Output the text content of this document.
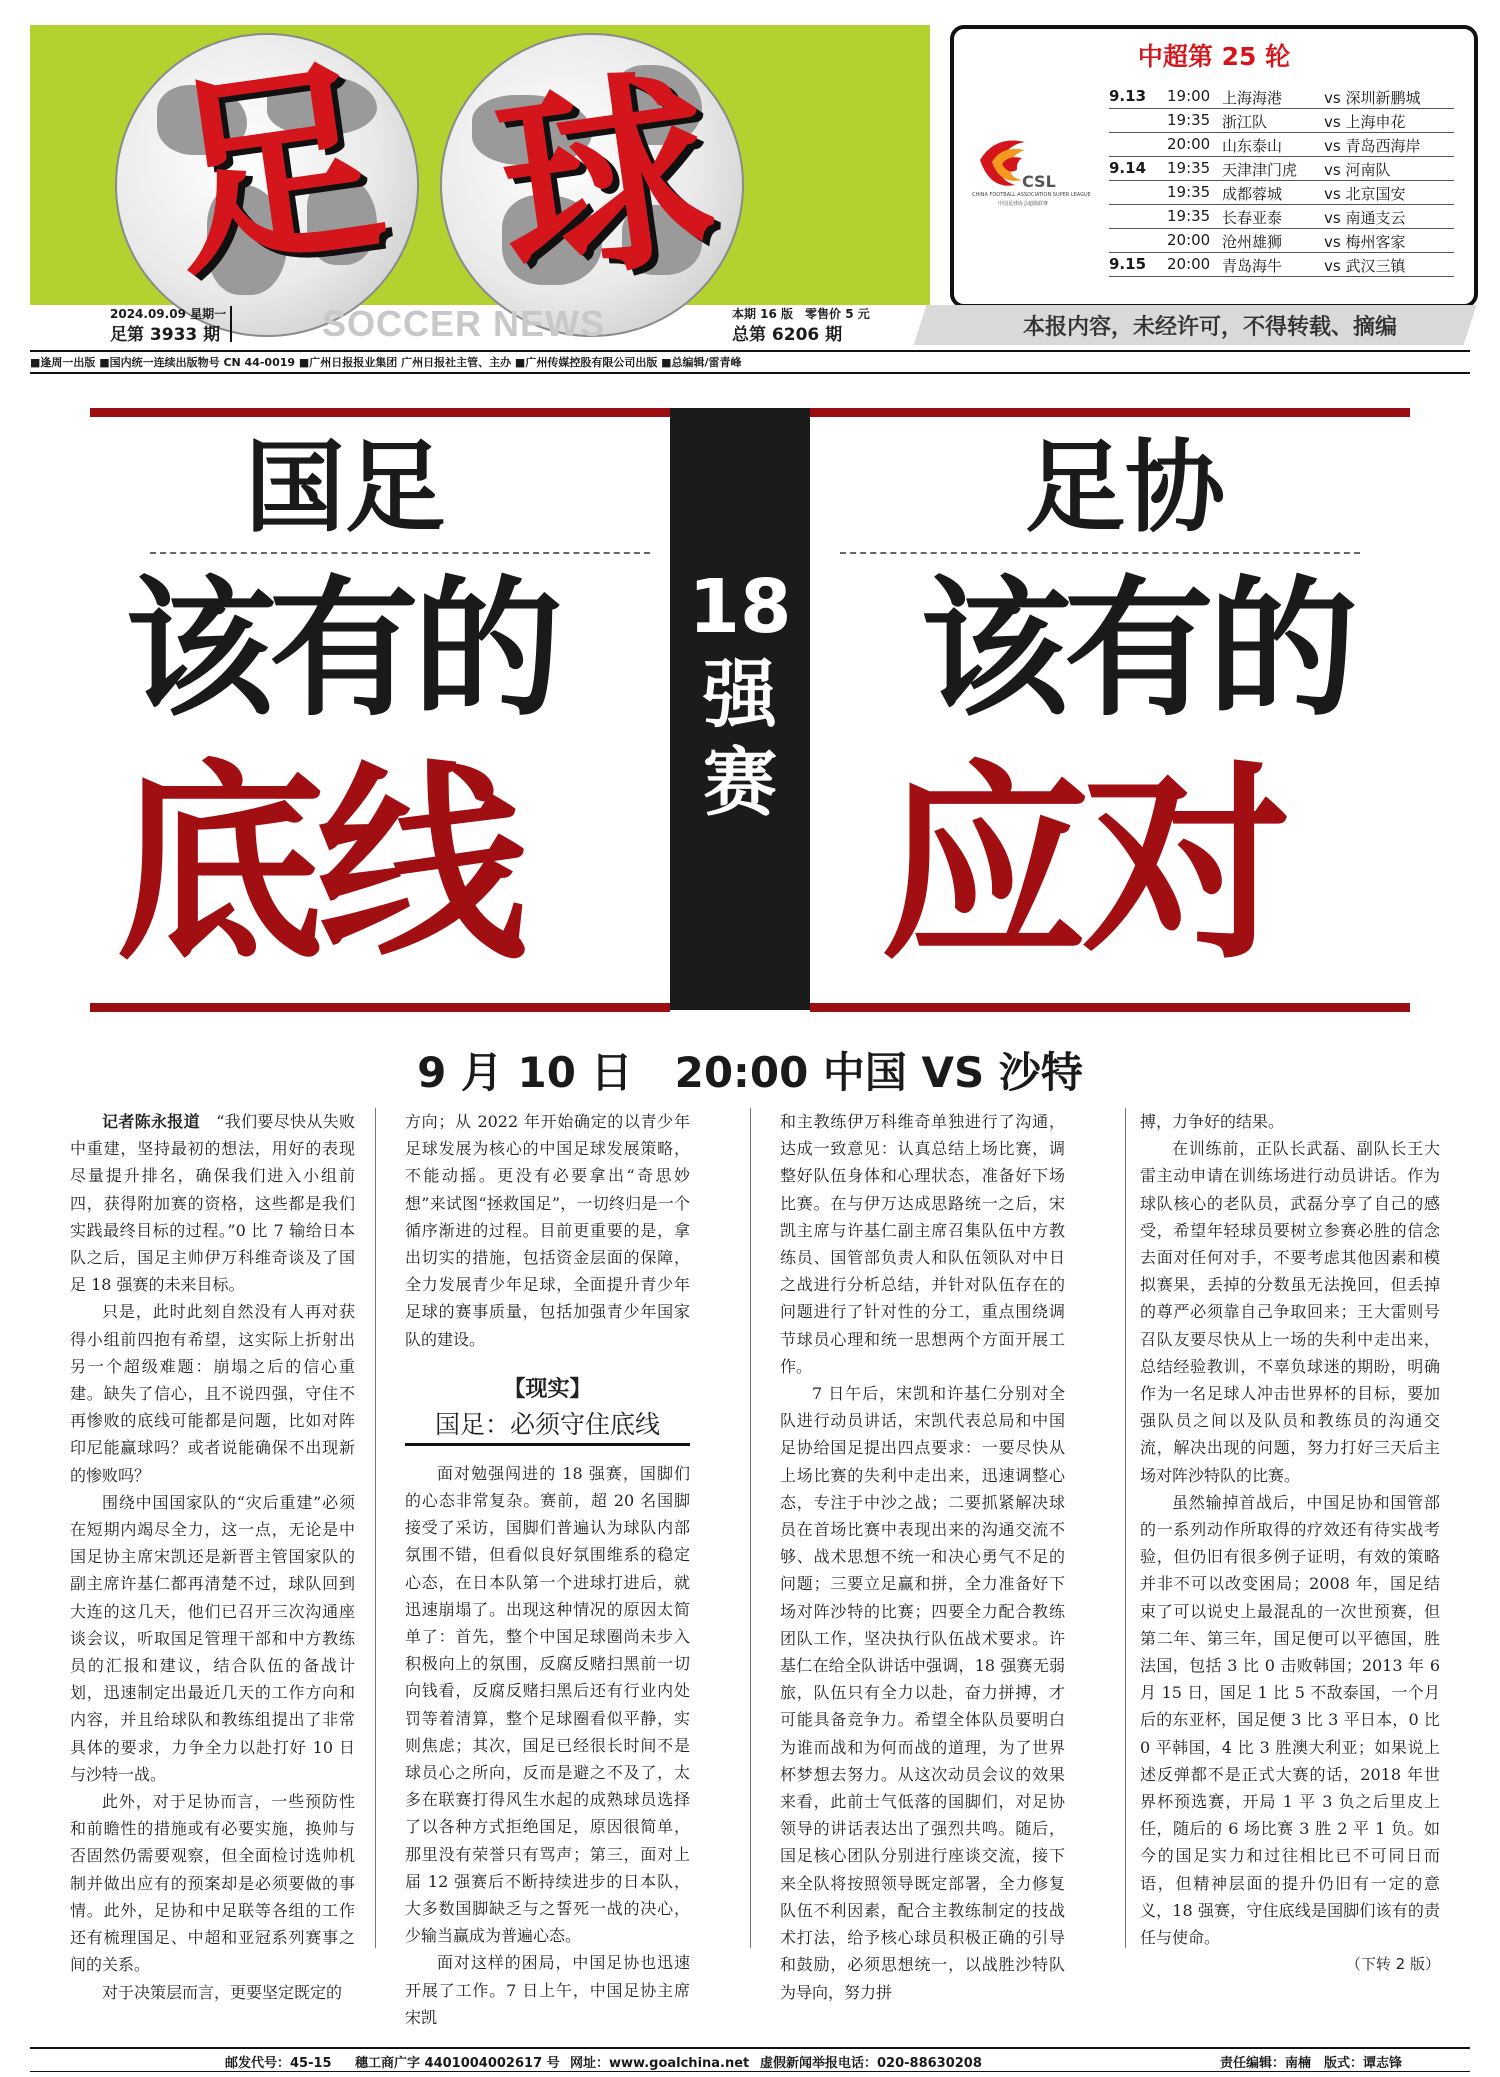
足 球	中超第 25 轮
9.13 19:00 上海海港	vs 深圳新鹏城
19:35 浙江队	vs 上海申花
20:00 山东泰山	vs 青岛西海岸
9.14 19:35 天津津门虎 vs 河南队
19:35 成都蓉城	vs 北京国安
19:35 长春亚泰	vs 南通支云
20:00 沧州雄狮	vs 梅州客家
9.15 20:00 青岛海牛	vs 武汉三镇
CSL
CHINA FOOTBALL ASSOCIATION SUPER LEAGUE
中国足球协会超级联赛
2024.09.09 星期一
足第 3933 期	SOCCER NEWS	本期 16 版　零售价 5 元
总第 6206 期	本报内容，未经许可，不得转载、摘编
■逢周一出版 ■国内统一连续出版物号 CN 44-0019 ■广州日报报业集团 广州日报社主管、主办 ■广州传媒控股有限公司出版 ■总编辑/雷青峰
18
强
赛
国足
该有的
底线
足协
该有的
应对
9 月 10 日　20:00 中国 VS 沙特

记者陈永报道　 “我们要尽快从失败中重建，坚持最初的想法，用好的表现尽量提升排名，确保我们进入小组前四，获得附加赛的资格，这些都是我们实践最终目标的过程。”0 比 7 输给日本队之后，国足主帅伊万科维奇谈及了国足 18 强赛的未来目标。

只是，此时此刻自然没有人再对获得小组前四抱有希望，这实际上折射出另一个超级难题：崩塌之后的信心重建。缺失了信心，且不说四强，守住不再惨败的底线可能都是问题，比如对阵印尼能赢球吗？或者说能确保不出现新的惨败吗？

围绕中国国家队的“灾后重建”必须在短期内竭尽全力，这一点，无论是中国足协主席宋凯还是新晋主管国家队的副主席许基仁都再清楚不过，球队回到大连的这几天，他们已召开三次沟通座谈会议，听取国足管理干部和中方教练员的汇报和建议，结合队伍的备战计划，迅速制定出最近几天的工作方向和内容，并且给球队和教练组提出了非常具体的要求，力争全力以赴打好 10 日与沙特一战。

此外，对于足协而言，一些预防性和前瞻性的措施或有必要实施，换帅与否固然仍需要观察，但全面检讨选帅机制并做出应有的预案却是必须要做的事情。此外，足协和中足联等各组的工作还有梳理国足、中超和亚冠系列赛事之间的关系。

对于决策层而言，更要坚定既定的

方向；从 2022 年开始确定的以青少年足球发展为核心的中国足球发展策略，不能动摇。更没有必要拿出“奇思妙想”来试图“拯救国足”，一切终归是一个循序渐进的过程。目前更重要的是，拿出切实的措施，包括资金层面的保障，全力发展青少年足球，全面提升青少年足球的赛事质量，包括加强青少年国家队的建设。

【现实】
国足：必须守住底线

面对勉强闯进的 18 强赛，国脚们的心态非常复杂。赛前，超 20 名国脚接受了采访，国脚们普遍认为球队内部氛围不错，但看似良好氛围维系的稳定心态，在日本队第一个进球打进后，就迅速崩塌了。出现这种情况的原因太简单了：首先，整个中国足球圈尚未步入积极向上的氛围，反腐反赌扫黑前一切向钱看，反腐反赌扫黑后还有行业内处罚等着清算，整个足球圈看似平静，实则焦虑；其次，国足已经很长时间不是球员心之所向，反而是避之不及了，太多在联赛打得风生水起的成熟球员选择了以各种方式拒绝国足，原因很简单，那里没有荣誉只有骂声；第三，面对上届 12 强赛后不断持续进步的日本队，大多数国脚缺乏与之誓死一战的决心，少输当赢成为普遍心态。

面对这样的困局，中国足协也迅速开展了工作。7 日上午，中国足协主席宋凯

和主教练伊万科维奇单独进行了沟通，达成一致意见：认真总结上场比赛，调整好队伍身体和心理状态，准备好下场比赛。在与伊万达成思路统一之后，宋凯主席与许基仁副主席召集队伍中方教练员、国管部负责人和队伍领队对中日之战进行分析总结，并针对队伍存在的问题进行了针对性的分工，重点围绕调节球员心理和统一思想两个方面开展工作。

7 日午后，宋凯和许基仁分别对全队进行动员讲话，宋凯代表总局和中国足协给国足提出四点要求：一要尽快从上场比赛的失利中走出来，迅速调整心态，专注于中沙之战；二要抓紧解决球员在首场比赛中表现出来的沟通交流不够、战术思想不统一和决心勇气不足的问题；三要立足赢和拼，全力准备好下场对阵沙特的比赛；四要全力配合教练团队工作，坚决执行队伍战术要求。许基仁在给全队讲话中强调，18 强赛无弱旅，队伍只有全力以赴，奋力拼搏，才可能具备竞争力。希望全体队员要明白为谁而战和为何而战的道理，为了世界杯梦想去努力。从这次动员会议的效果来看，此前士气低落的国脚们，对足协领导的讲话表达出了强烈共鸣。随后，国足核心团队分别进行座谈交流，接下来全队将按照领导既定部署，全力修复队伍不利因素，配合主教练制定的技战术打法，给予核心球员积极正确的引导和鼓励，必须思想统一，以战胜沙特队为导向，努力拼

搏，力争好的结果。

在训练前，正队长武磊、副队长王大雷主动申请在训练场进行动员讲话。作为球队核心的老队员，武磊分享了自己的感受，希望年轻球员要树立参赛必胜的信念去面对任何对手，不要考虑其他因素和模拟赛果，丢掉的分数虽无法挽回，但丢掉的尊严必须靠自己争取回来；王大雷则号召队友要尽快从上一场的失利中走出来，总结经验教训，不辜负球迷的期盼，明确作为一名足球人冲击世界杯的目标，要加强队员之间以及队员和教练员的沟通交流，解决出现的问题，努力打好三天后主场对阵沙特队的比赛。

虽然输掉首战后，中国足协和国管部的一系列动作所取得的疗效还有待实战考验，但仍旧有很多例子证明，有效的策略并非不可以改变困局；2008 年，国足结束了可以说史上最混乱的一次世预赛，但第二年、第三年，国足便可以平德国，胜法国，包括 3 比 0 击败韩国；2013 年 6 月 15 日，国足 1 比 5 不敌泰国，一个月后的东亚杯，国足便 3 比 3 平日本，0 比 0 平韩国，4 比 3 胜澳大利亚；如果说上述反弹都不是正式大赛的话，2018 年世界杯预选赛，开局 1 平 3 负之后里皮上任，随后的 6 场比赛 3 胜 2 平 1 负。如今的国足实力和过往相比已不可同日而语，但精神层面的提升仍旧有一定的意义，18 强赛，守住底线是国脚们该有的责任与使命。

（下转 2 版）
邮发代号：45-15 穗工商广字 4401004002617 号 网址：www.goalchina.net 虚假新闻举报电话：020-88630208	责任编辑：南楠　版式：谭志锋
